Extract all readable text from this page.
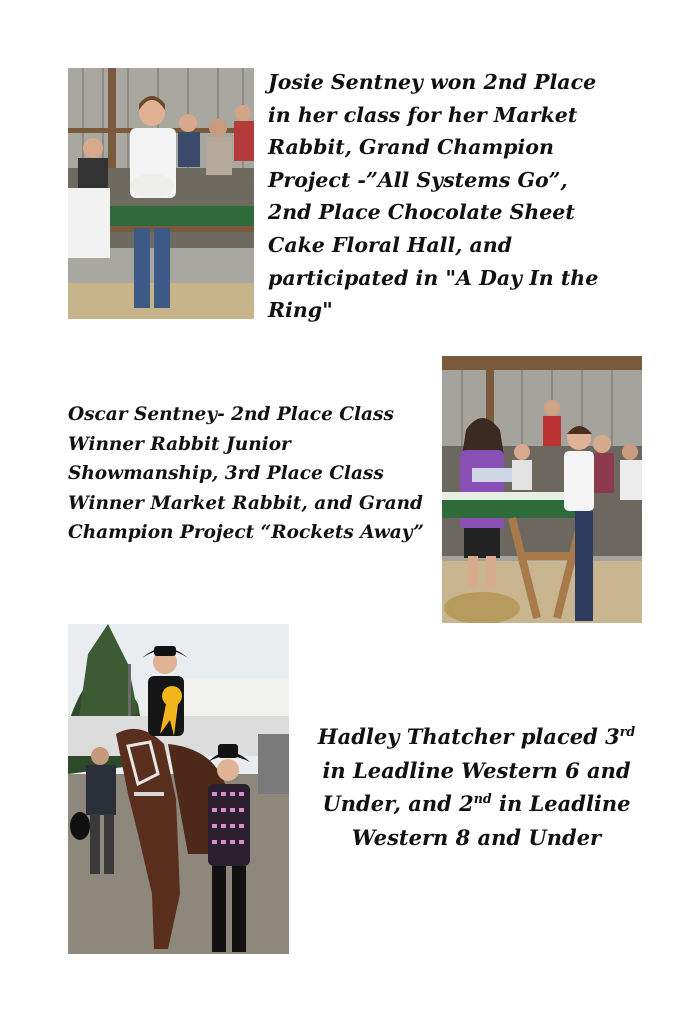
Josie Sentney won 2nd Place
in her class for her Market
Rabbit, Grand Champion
Project -”All Systems Go”,
2nd Place Chocolate Sheet
Cake Floral Hall, and
participated in "A Day In the
Ring"
Oscar Sentney- 2nd Place Class
Winner Rabbit Junior
Showmanship, 3rd Place Class
Winner Market Rabbit, and Grand
Champion Project “Rockets Away”
Hadley Thatcher placed 3rd
in Leadline Western 6 and
Under, and 2nd in Leadline
Western 8 and Under
